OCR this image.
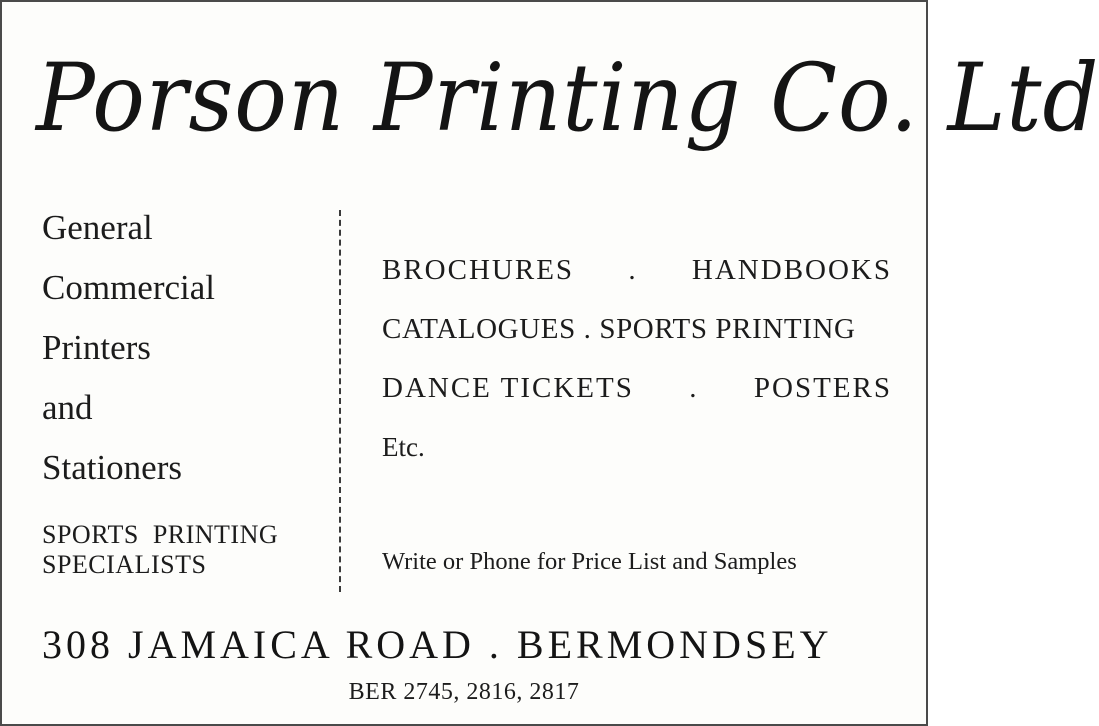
Porson Printing Co. Ltd
General
Commercial
Printers
and
Stationers
SPORTS  PRINTING
SPECIALISTS
BROCHURES . HANDBOOKS
CATALOGUES . SPORTS PRINTING
DANCE TICKETS . POSTERS
Etc.
Write or Phone for Price List and Samples
308 JAMAICA ROAD . BERMONDSEY
BER 2745, 2816, 2817
